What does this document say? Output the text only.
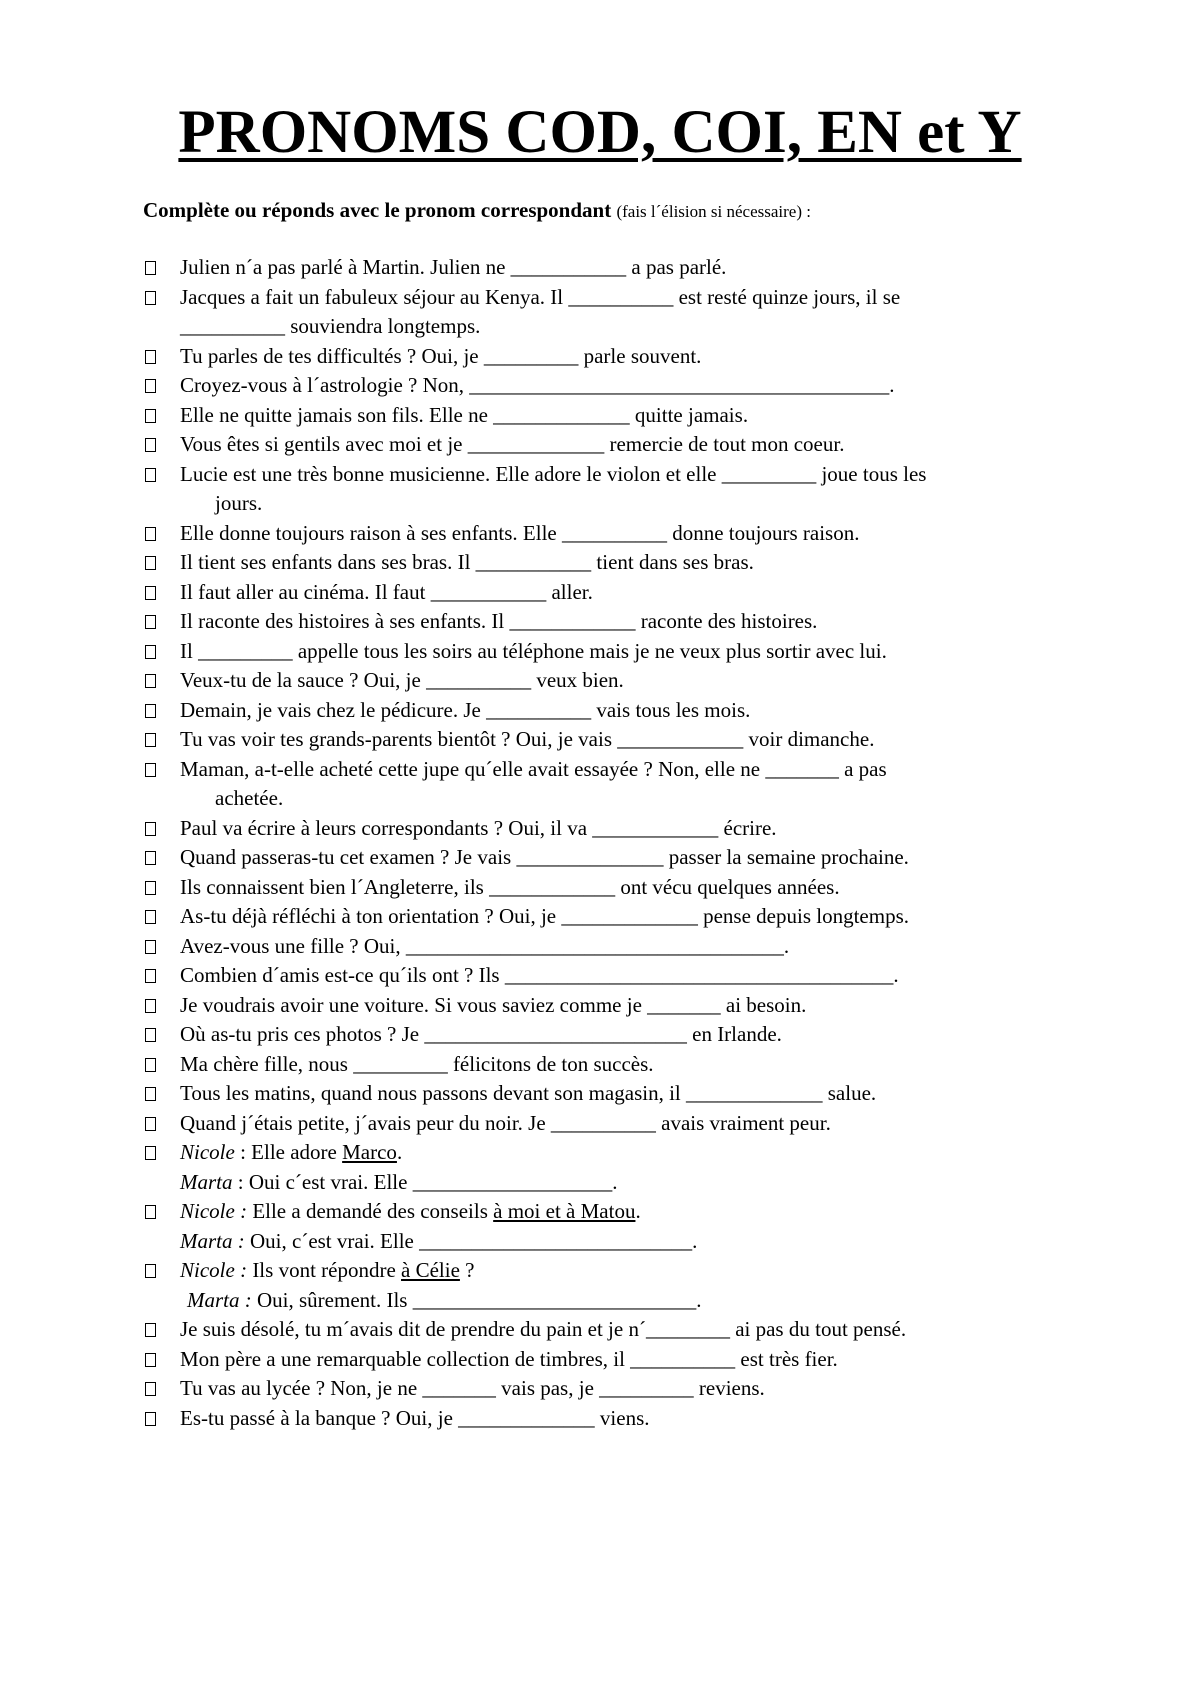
PRONOMS COD, COI, EN et Y
Complète ou réponds avec le pronom correspondant (fais l´élision si nécessaire) :
Julien n´a pas parlé à Martin. Julien ne ___________ a pas parlé.
Jacques a fait un fabuleux séjour au Kenya. Il __________ est resté quinze jours, il se
__________ souviendra longtemps.
Tu parles de tes difficultés ? Oui, je _________ parle souvent.
Croyez-vous à l´astrologie ? Non, ________________________________________.
Elle ne quitte jamais son fils. Elle ne _____________ quitte jamais.
Vous êtes si gentils avec moi et je _____________ remercie de tout mon coeur.
Lucie est une très bonne musicienne. Elle adore le violon et elle _________ joue tous les
jours.
Elle donne toujours raison à ses enfants. Elle __________ donne toujours raison.
Il tient ses enfants dans ses bras. Il ___________ tient dans ses bras.
Il faut aller au cinéma. Il faut ___________ aller.
Il raconte des histoires à ses enfants. Il ____________ raconte des histoires.
Il _________ appelle tous les soirs au téléphone mais je ne veux plus sortir avec lui.
Veux-tu de la sauce ? Oui, je __________ veux bien.
Demain, je vais chez le pédicure. Je __________ vais tous les mois.
Tu vas voir tes grands-parents bientôt ? Oui, je vais ____________ voir dimanche.
Maman, a-t-elle acheté cette jupe qu´elle avait essayée ? Non, elle ne _______ a pas
achetée.
Paul va écrire à leurs correspondants ? Oui, il va ____________ écrire.
Quand passeras-tu cet examen ? Je vais ______________ passer la semaine prochaine.
Ils connaissent bien l´Angleterre, ils ____________ ont vécu quelques années.
As-tu déjà réfléchi à ton orientation ? Oui, je _____________ pense depuis longtemps.
Avez-vous une fille ? Oui, ____________________________________.
Combien d´amis est-ce qu´ils ont ? Ils _____________________________________.
Je voudrais avoir une voiture. Si vous saviez comme je _______ ai besoin.
Où as-tu pris ces photos ? Je _________________________ en Irlande.
Ma chère fille, nous _________ félicitons de ton succès.
Tous les matins, quand nous passons devant son magasin, il _____________ salue.
Quand j´étais petite, j´avais peur du noir. Je __________ avais vraiment peur.
Nicole : Elle adore Marco.
Marta : Oui c´est vrai. Elle ___________________.
Nicole : Elle a demandé des conseils à moi et à Matou.
Marta : Oui, c´est vrai. Elle __________________________.
Nicole : Ils vont répondre à Célie ?
Marta : Oui, sûrement. Ils ___________________________.
Je suis désolé, tu m´avais dit de prendre du pain et je n´________ ai pas du tout pensé.
Mon père a une remarquable collection de timbres, il __________ est très fier.
Tu vas au lycée ? Non, je ne _______ vais pas, je _________ reviens.
Es-tu passé à la banque ? Oui, je _____________ viens.
